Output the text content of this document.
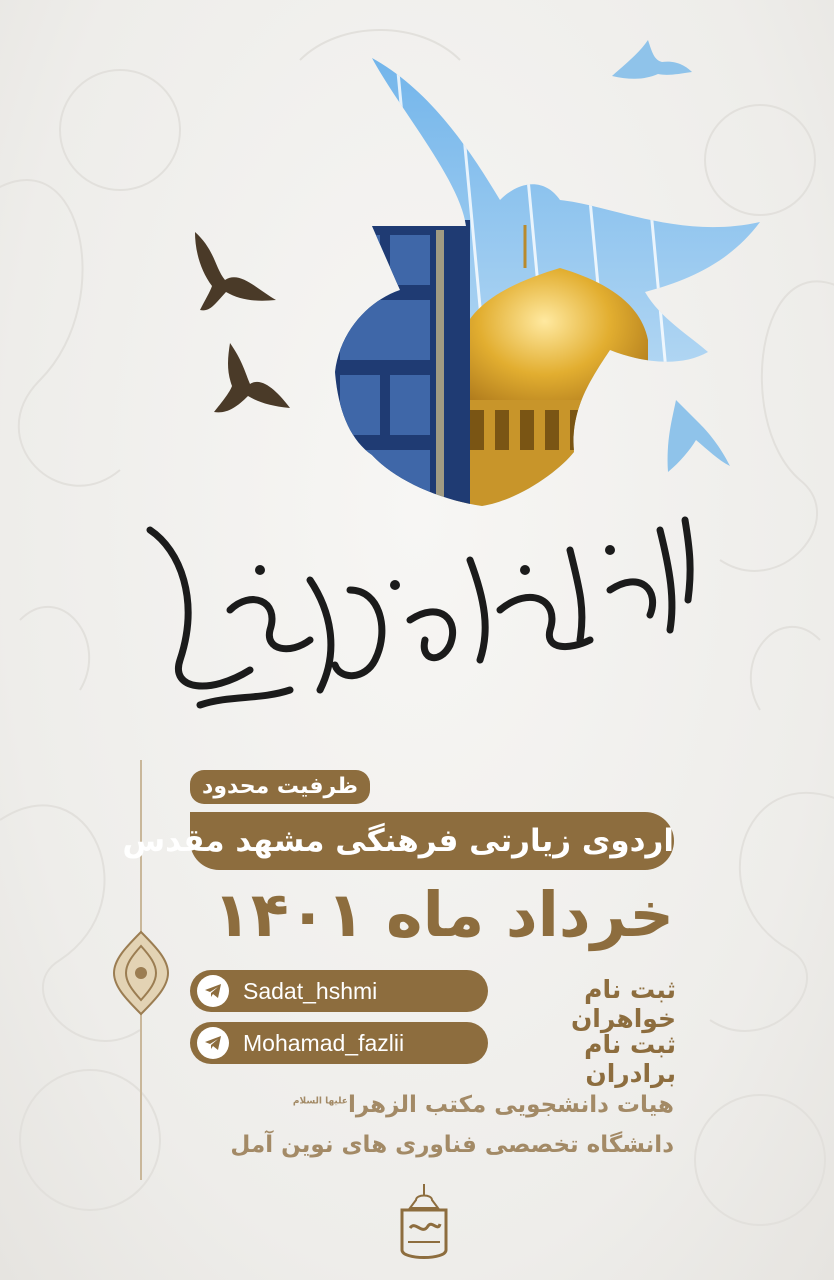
ظرفیت محدود
اردوی زیارتی فرهنگی مشهد مقدس
خرداد ماه ۱۴۰۱
ثبت نام خواهران
Sadat_hshmi
ثبت نام برادران
Mohamad_fazlii
هیات دانشجویی مکتب الزهرا$^{علیها السلام}$
دانشگاه تخصصی فناوری های نوین آمل
